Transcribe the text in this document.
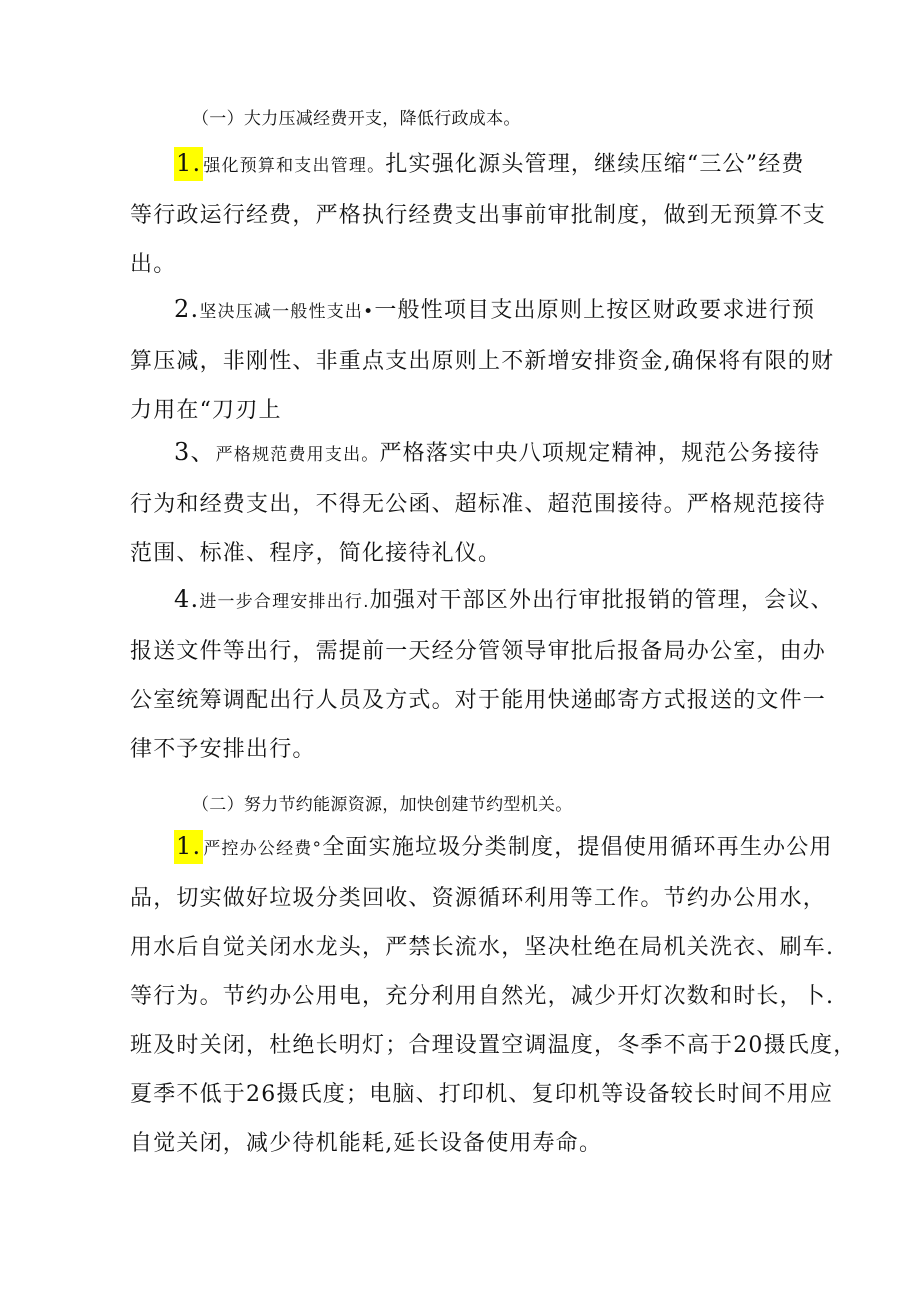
（一）大力压减经费开支，降低行政成本。
1. 强化预算和支出管理。扎实强化源头管理，继续压缩“三公”经费
等行政运行经费，严格执行经费支出事前审批制度，做到无预算不支
出。
2.坚决压减一般性支出•一般性项目支出原则上按区财政要求进行预
算压减，非刚性、非重点支出原则上不新增安排资金,确保将有限的财
力用在“刀刃上
3、严格规范费用支出。严格落实中央八项规定精神，规范公务接待
行为和经费支出，不得无公函、超标准、超范围接待。严格规范接待
范围、标准、程序，简化接待礼仪。
4.进一步合理安排出行.加强对干部区外出行审批报销的管理，会议、
报送文件等出行，需提前一天经分管领导审批后报备局办公室，由办
公室统筹调配出行人员及方式。对于能用快递邮寄方式报送的文件一
律不予安排出行。
（二）努力节约能源资源，加快创建节约型机关。
1. 严控办公经费°全面实施垃圾分类制度，提倡使用循环再生办公用
品，切实做好垃圾分类回收、资源循环利用等工作。节约办公用水，
用水后自觉关闭水龙头，严禁长流水，坚决杜绝在局机关洗衣、刷车.
等行为。节约办公用电，充分利用自然光，减少开灯次数和时长，卜.
班及时关闭，杜绝长明灯；合理设置空调温度，冬季不高于20摄氏度，
夏季不低于26摄氏度；电脑、打印机、复印机等设备较长时间不用应
自觉关闭，减少待机能耗,延长设备使用寿命。
